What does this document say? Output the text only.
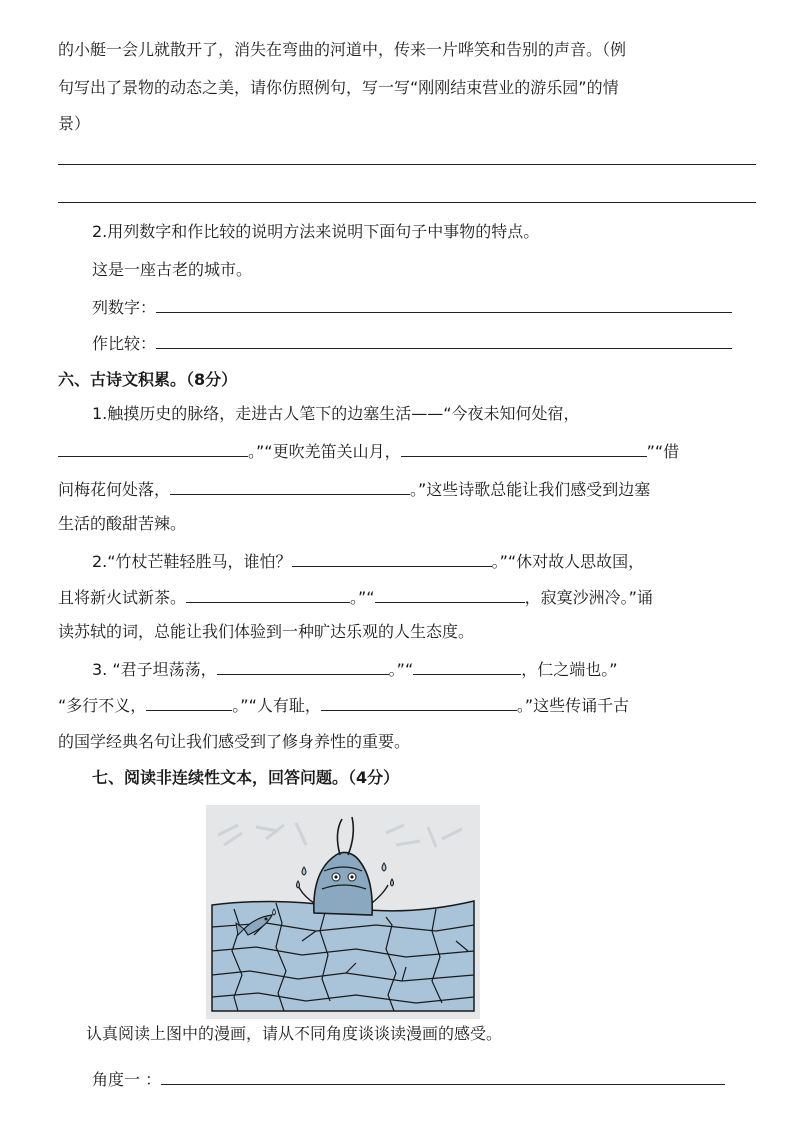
的小艇一会儿就散开了，消失在弯曲的河道中，传来一片哗笑和告别的声音。（例
句写出了景物的动态之美，请你仿照例句，写一写“刚刚结束营业的游乐园”的情
景）
2.用列数字和作比较的说明方法来说明下面句子中事物的特点。
这是一座古老的城市。
列数字：
作比较：
六、古诗文积累。（8分）
1.触摸历史的脉络，走进古人笔下的边塞生活——“今夜未知何处宿，
。”“更吹羌笛关山月，	”“借
问梅花何处落，	。”这些诗歌总能让我们感受到边塞
生活的酸甜苦辣。
2.“竹杖芒鞋轻胜马，谁怕？	。”“休对故人思故国，
且将新火试新茶。	。”“	，寂寞沙洲冷。”诵
读苏轼的词，总能让我们体验到一种旷达乐观的人生态度。
3. “君子坦荡荡，	。”“	，仁之端也。”
“多行不义，	。”“人有耻，	。”这些传诵千古
的国学经典名句让我们感受到了修身养性的重要。
七、阅读非连续性文本，回答问题。（4分）
认真阅读上图中的漫画，请从不同角度谈谈读漫画的感受。
角度一 ：
